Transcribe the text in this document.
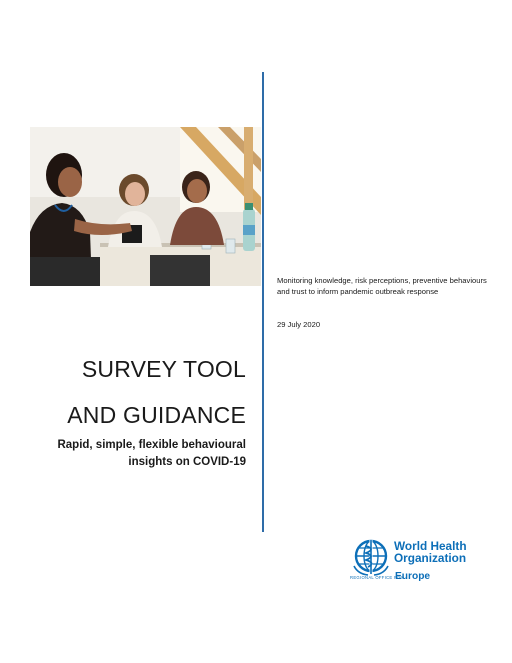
SURVEY TOOL
AND GUIDANCE
Rapid, simple, flexible behavioural insights on COVID-19
Monitoring knowledge, risk perceptions, preventive behaviours and trust to inform pandemic outbreak response
29 July 2020
World Health
Organization
REGIONAL OFFICE FOR
Europe
